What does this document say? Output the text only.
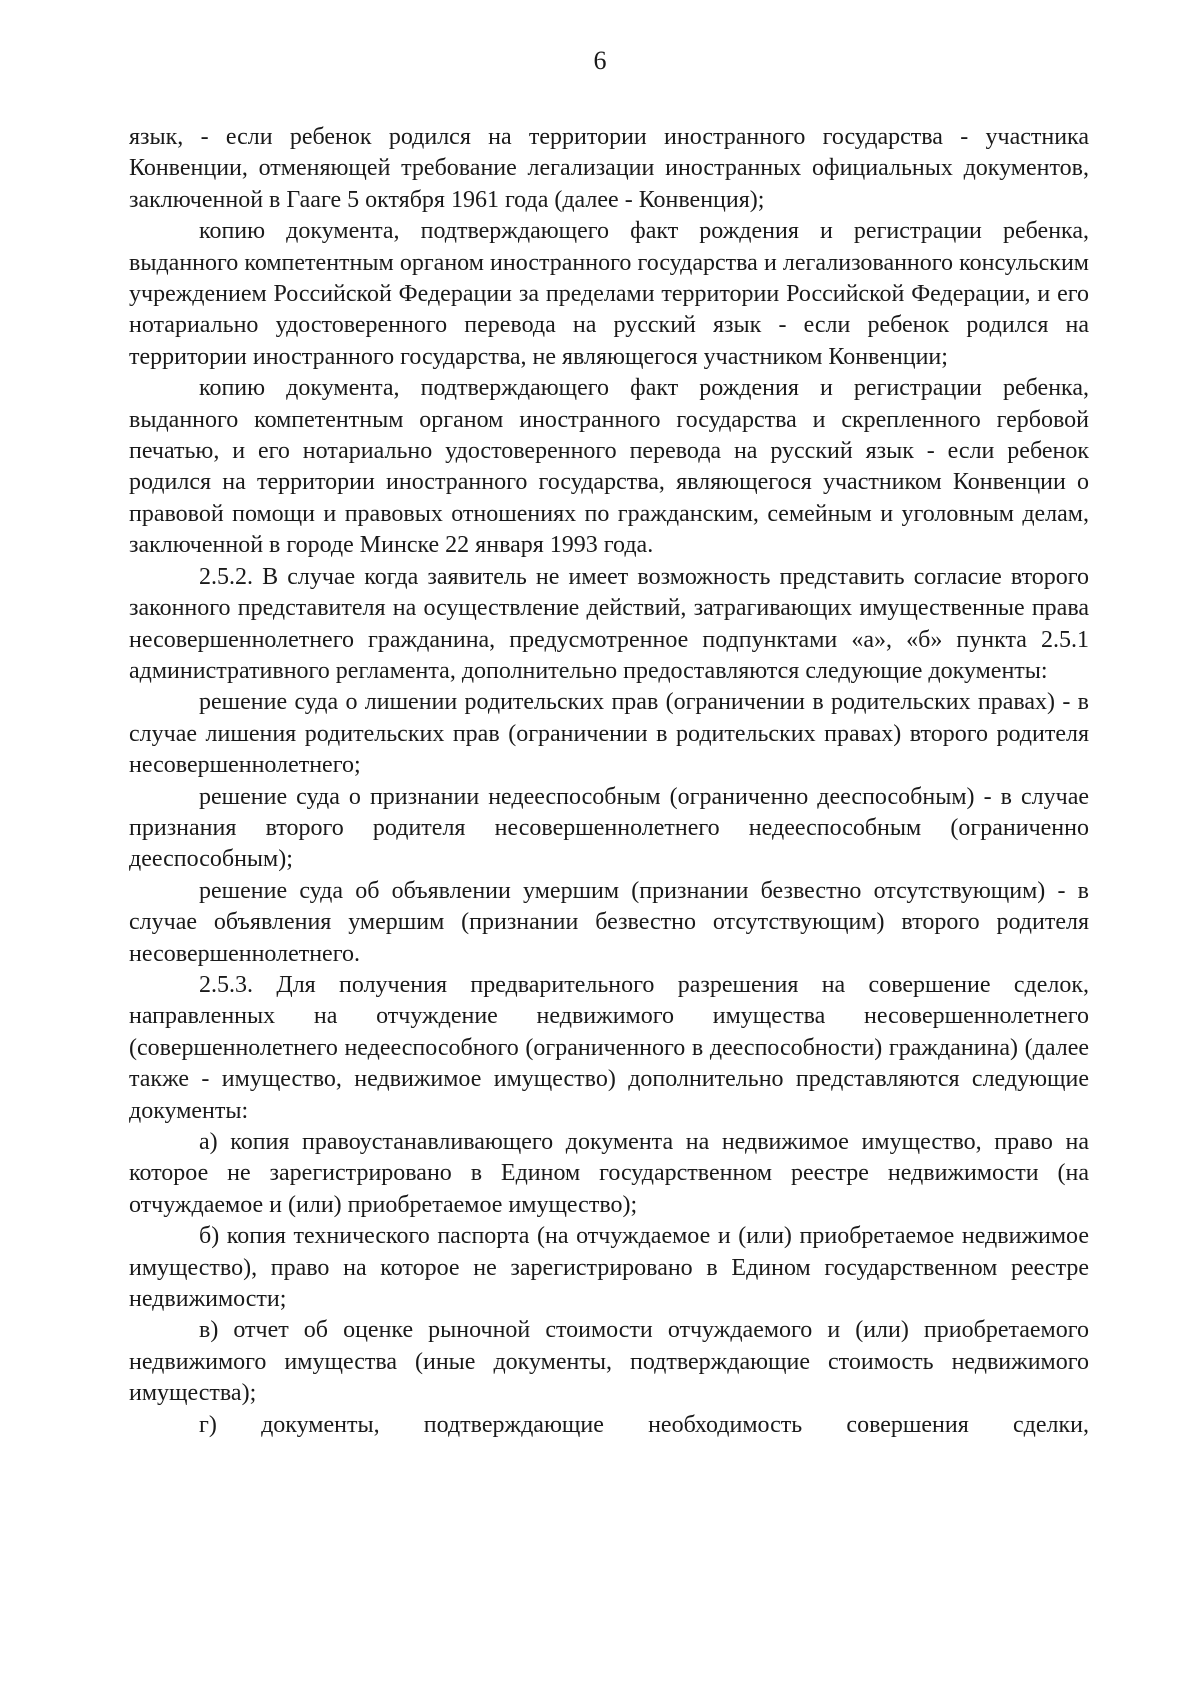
6

язык, - если ребенок родился на территории иностранного государства - участника Конвенции, отменяющей требование легализации иностранных официальных документов, заключенной в Гааге 5 октября 1961 года (далее - Конвенция);

копию документа, подтверждающего факт рождения и регистрации ребенка, выданного компетентным органом иностранного государства и легализованного консульским учреждением Российской Федерации за пределами территории Российской Федерации, и его нотариально удостоверенного перевода на русский язык - если ребенок родился на территории иностранного государства, не являющегося участником Конвенции;

копию документа, подтверждающего факт рождения и регистрации ребенка, выданного компетентным органом иностранного государства и скрепленного гербовой печатью, и его нотариально удостоверенного перевода на русский язык - если ребенок родился на территории иностранного государства, являющегося участником Конвенции о правовой помощи и правовых отношениях по гражданским, семейным и уголовным делам, заключенной в городе Минске 22 января 1993 года.

2.5.2. В случае когда заявитель не имеет возможность представить согласие второго законного представителя на осуществление действий, затрагивающих имущественные права несовершеннолетнего гражданина, предусмотренное подпунктами «а», «б» пункта 2.5.1 административного регламента, дополнительно предоставляются следующие документы:

решение суда о лишении родительских прав (ограничении в родительских правах) - в случае лишения родительских прав (ограничении в родительских правах) второго родителя несовершеннолетнего;

решение суда о признании недееспособным (ограниченно дееспособным) - в случае признания второго родителя несовершеннолетнего недееспособным (ограниченно дееспособным);

решение суда об объявлении умершим (признании безвестно отсутствующим) - в случае объявления умершим (признании безвестно отсутствующим) второго родителя несовершеннолетнего.

2.5.3. Для получения предварительного разрешения на совершение сделок, направленных на отчуждение недвижимого имущества несовершеннолетнего (совершеннолетнего недееспособного (ограниченного в дееспособности) гражданина) (далее также - имущество, недвижимое имущество) дополнительно представляются следующие документы:

а) копия правоустанавливающего документа на недвижимое имущество, право на которое не зарегистрировано в Едином государственном реестре недвижимости (на отчуждаемое и (или) приобретаемое имущество);

б) копия технического паспорта (на отчуждаемое и (или) приобретаемое недвижимое имущество), право на которое не зарегистрировано в Едином государственном реестре недвижимости;

в) отчет об оценке рыночной стоимости отчуждаемого и (или) приобретаемого недвижимого имущества (иные документы, подтверждающие стоимость недвижимого имущества);

г) документы, подтверждающие необходимость совершения сделки,
